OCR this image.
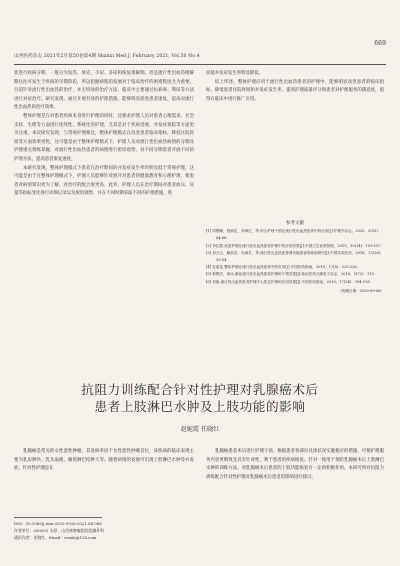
山西医药杂志 2021年2月第50卷第4期 Shanxi Med J, February 2021, Vol.50 No.4
669

状进行疾病分期，一般分为发热、休克、少尿、多尿和恢复缓解期。但是流行性出血热缓解期往往可发生于疾病的早期阶段，所以把握病程的发展对于临床治疗的困难程度尤为重要。目前针对流行性出血热的治疗，并无特效的治疗方法，临床中主要通过抗病毒、利尿等方法进行对症治疗。研究发现，通过开展有效的护理措施，能够明显促进患者康复，提高对流行性出血热的治疗效果。

整体护理是在对患者疾病本身进行护理的同时，还要求护理人员对患者心理需求、社会支持、生理等方面进行连续性、系统化的护理，尤其是对于疾病进展、并发症预防等方面更为注重。本次研究发现，与常规护理相比，整体护理模式在改善患者临床指标，降低住院时间等方面效果更优，这可能是由于整体护理模式下，护理人员对流行性出血热病情的分期及护理重点熟练掌握，对流行性出血热患者的病情进行密切观察，对不同分期患者开展不同的护理方法，提高患者康复速度。

本研究发现，整体护理模式下患者在治疗期间的并发症发生率均明显低于常规护理，这可能是由于在整体护理模式下，护理人员能够针对展开对患者的健康教育和心理护理，使患者对病情知识更为了解，对治疗的配合度更高，此外，护理人员在治疗期间对患者血压、尿量等指标变化进行详细记录以及密切观察，并在不同时期采取不同的护理措施，进

而使并发症发生率明显降低。

综上所述，整体护理应用于流行性出血热患者的护理中，能够明显改善患者的临床指标，降低患者住院时间和并发症发生率，提高护理质量评分和患者对护理服务的满意度，值得在临床中进行推广应用。

参考文献
[1] 周警娜，曾琼花，李坤红，等.综合护理干预在流行性出血热患者中的应用[J].护理学杂志，2020，35(3)：64-66.
[2] 李红霞.优质护理在流行性出血热患者护理中的应用效果[J].中国卫生标准管理，2019，10(14)：155-157.
[3] 刘万元，解如芳，吴淑芳，等.流行性出血热患者肾功能损害的临床研究[J].中国实用医药，2018，13(26)：53-54.
[4] 杜菊花.整体护理在流行性出血热患者中的应用[J].中国医药指南，2019，17(8)：225-226.
[5] 黄俊杰，徐泳.重症流行性出血热患者护理的干预效果[J].临床医药文献电子杂志，2018，5(72)：110.
[6] 刘艳.流行性出血热患者护理中人性化护理的应用效果[J].中国医药指南，2019，17(34)：194-195.
（收稿日期：2020-09-06）
抗阻力训练配合针对性护理对乳腺癌术后
患者上肢淋巴水肿及上肢功能的影响
赵妮霞 任晓红

乳腺癌是常见的女性恶性肿瘤，其发病率居于女性恶性肿瘤首位，该疾病的临床表现主要为乳房肿块、乳头溢液、腋窝淋巴结肿大等。随着病情的发展可出现上肢淋巴水肿等并发症。针对性护理是在

乳腺癌患者术后进行护理干预，根据患者各部位具体状况实施相应的措施，可使护理服务内容更细致且具有针对性，利于患者的疾病恢复。针对一使用于预防乳腺癌术后上肢淋巴水肿的训练方法，对乳腺癌术后患者的上肢功能恢复有一定的积极作用。本研究将对抗阻力训练配合针对性护理对乳腺癌术后患者的影响进行探讨。

DOI：10.3969/j.issn.0253-9926.2021.04.068
作者单位：030001 太原，山西省肿瘤医院乳腺外科
通讯作者：任晓红，Email：renxh@126.com
